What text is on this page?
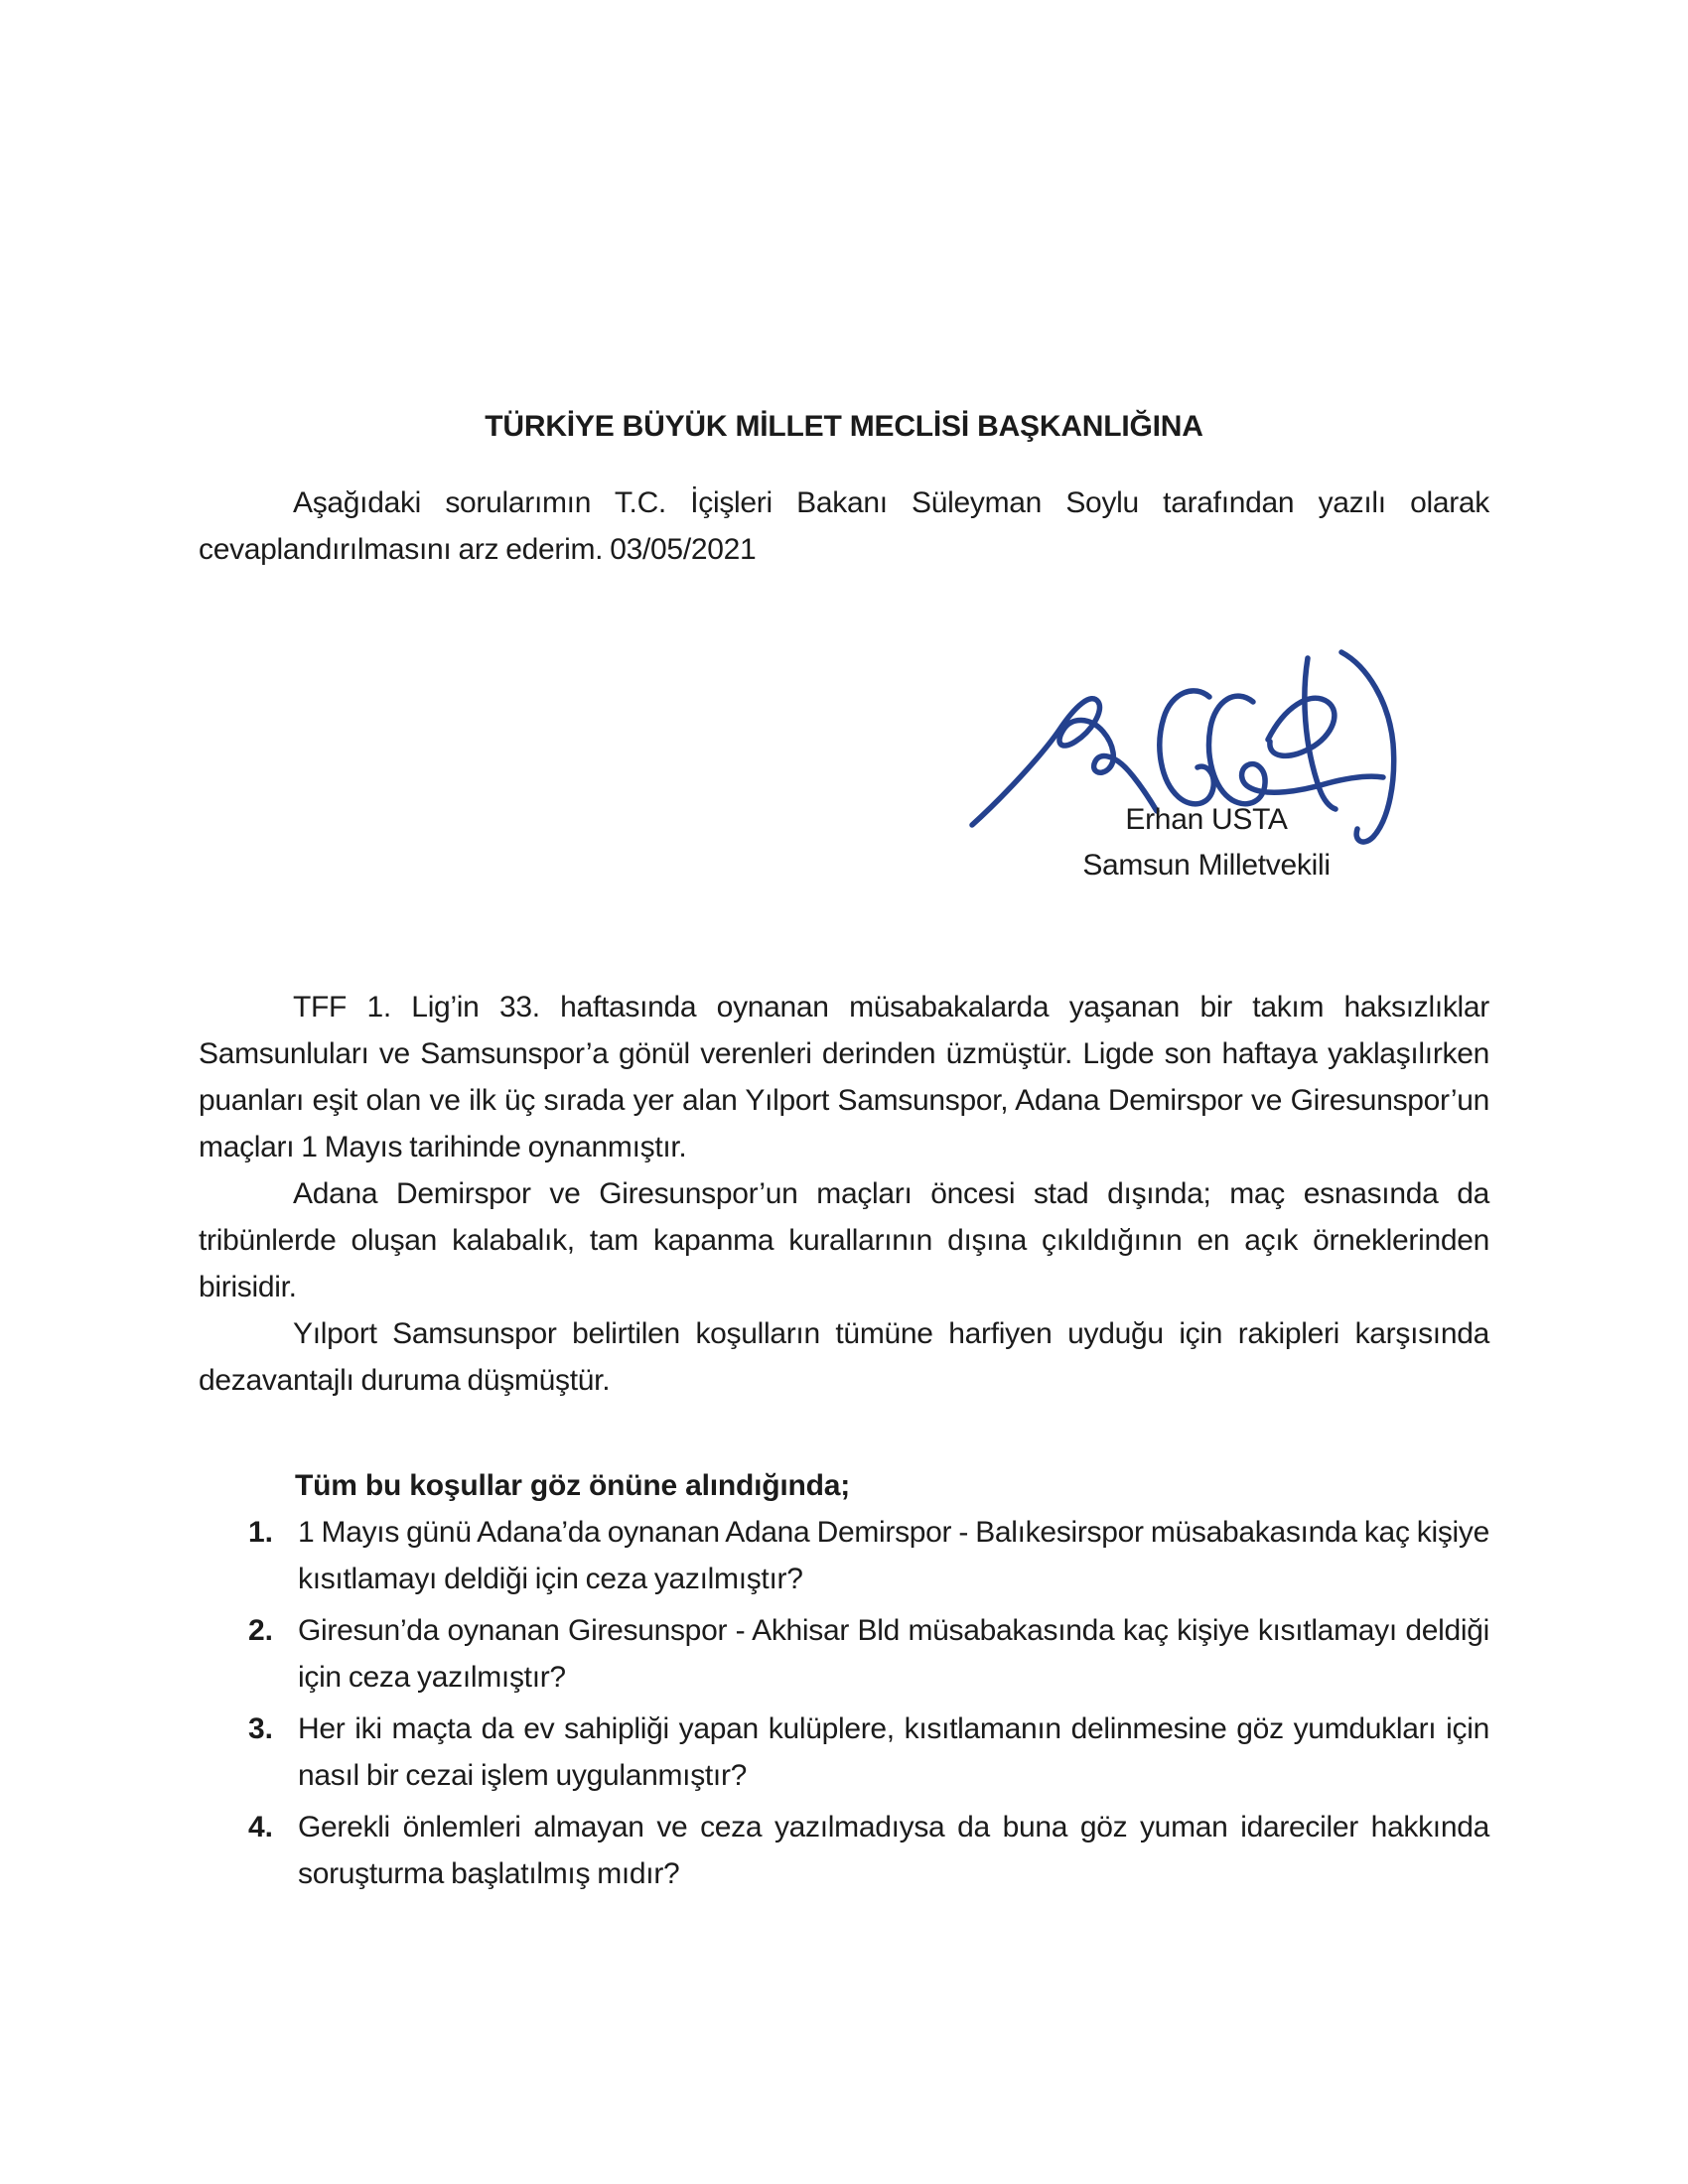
TÜRKİYE BÜYÜK MİLLET MECLİSİ BAŞKANLIĞINA

Aşağıdaki sorularımın T.C. İçişleri Bakanı Süleyman Soylu tarafından yazılı olarak cevaplandırılmasını arz ederim. 03/05/2021

TFF 1. Lig’in 33. haftasında oynanan müsabakalarda yaşanan bir takım haksızlıklar Samsunluları ve Samsunspor’a gönül verenleri derinden üzmüştür. Ligde son haftaya yaklaşılırken puanları eşit olan ve ilk üç sırada yer alan Yılport Samsunspor, Adana Demirspor ve Giresunspor’un maçları 1 Mayıs tarihinde oynanmıştır.

Adana Demirspor ve Giresunspor’un maçları öncesi stad dışında; maç esnasında da tribünlerde oluşan kalabalık, tam kapanma kurallarının dışına çıkıldığının en açık örneklerinden birisidir.

Yılport Samsunspor belirtilen koşulların tümüne harfiyen uyduğu için rakipleri karşısında dezavantajlı duruma düşmüştür.

Tüm bu koşullar göz önüne alındığında;
1. 1 Mayıs günü Adana’da oynanan Adana Demirspor - Balıkesirspor müsabakasında kaç kişiye kısıtlamayı deldiği için ceza yazılmıştır?
2. Giresun’da oynanan Giresunspor - Akhisar Bld müsabakasında kaç kişiye kısıtlamayı deldiği için ceza yazılmıştır?
3. Her iki maçta da ev sahipliği yapan kulüplere, kısıtlamanın delinmesine göz yumdukları için nasıl bir cezai işlem uygulanmıştır?
4. Gerekli önlemleri almayan ve ceza yazılmadıysa da buna göz yuman idareciler hakkında soruşturma başlatılmış mıdır?
Erhan USTA
Samsun Milletvekili
